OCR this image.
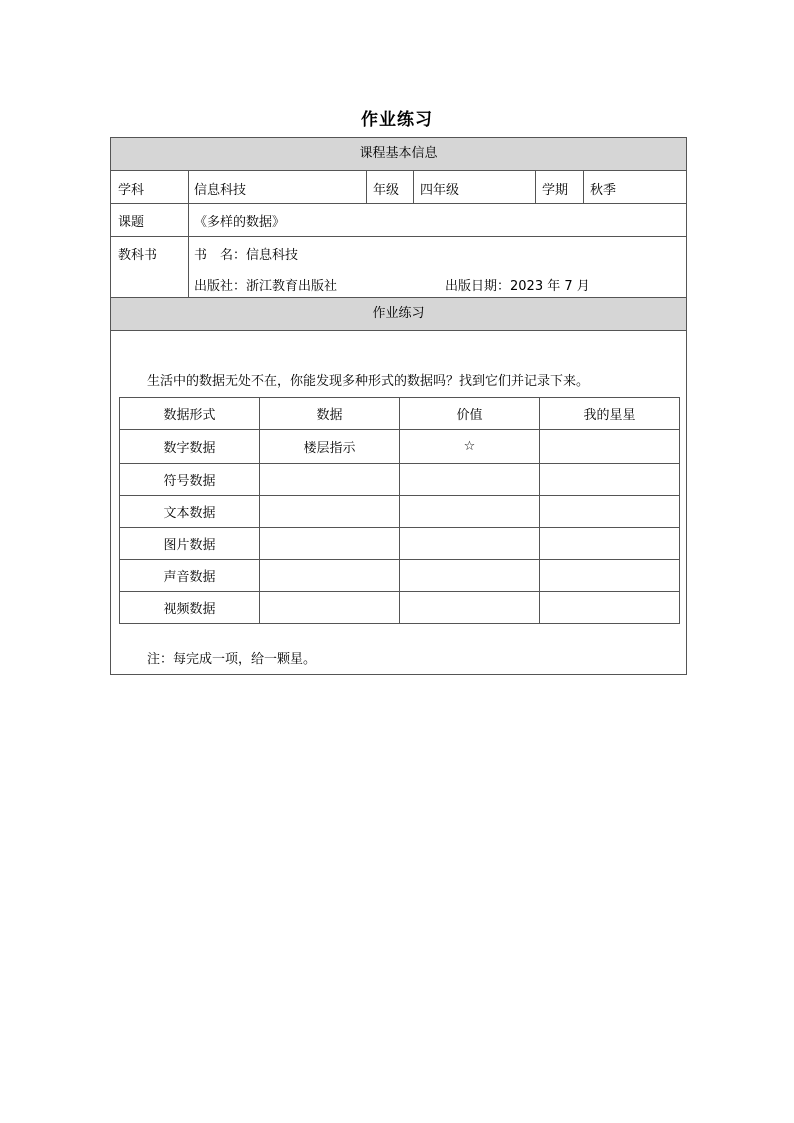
作业练习
课程基本信息
学科	信息科技	年级 四年级	学期 秋季
课题	《多样的数据》
教科书	书　名：信息科技
出版社：浙江教育出版社	出版日期：2023 年 7 月
作业练习
生活中的数据无处不在，你能发现多种形式的数据吗？找到它们并记录下来。
数据形式	数据	价值	我的星星
数字数据	楼层指示	☆	
符号数据			
文本数据			
图片数据			
声音数据			
视频数据			
注：每完成一项，给一颗星。
